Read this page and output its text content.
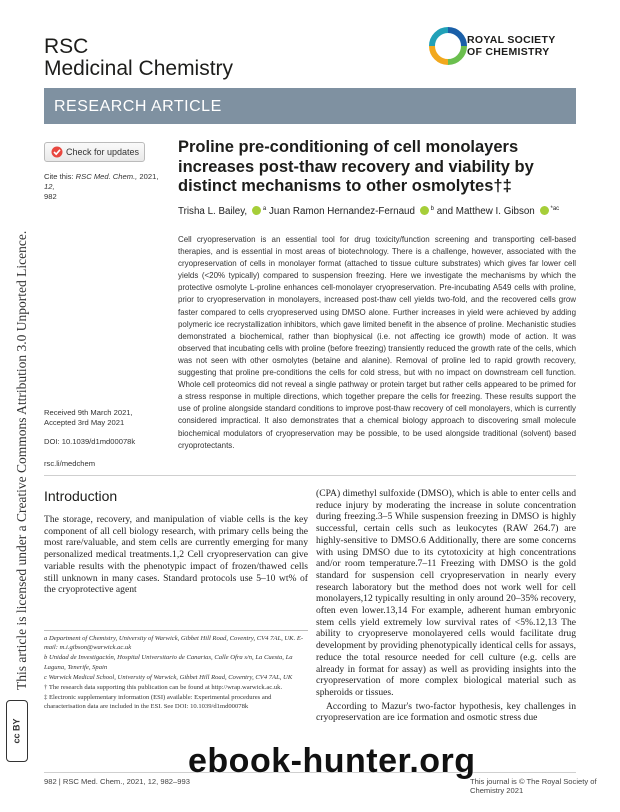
RSC
Medicinal Chemistry
ROYAL SOCIETY
OF CHEMISTRY
RESEARCH ARTICLE
Check for updates
Cite this: RSC Med. Chem., 2021, 12,
982
Received 9th March 2021,
Accepted 3rd May 2021
DOI: 10.1039/d1md00078k
rsc.li/medchem
Proline pre-conditioning of cell monolayers increases post-thaw recovery and viability by distinct mechanisms to other osmolytes†‡
Trisha L. Bailey,	$^a$ Juan Ramon Hernandez-Fernaud	$^b$ and Matthew I. Gibson	$^{*ac}$

Cell cryopreservation is an essential tool for drug toxicity/function screening and transporting cell-based therapies, and is essential in most areas of biotechnology. There is a challenge, however, associated with the cryopreservation of cells in monolayer format (attached to tissue culture substrates) which gives far lower cell yields (<20% typically) compared to suspension freezing. Here we investigate the mechanisms by which the protective osmolyte L-proline enhances cell-monolayer cryopreservation. Pre-incubating A549 cells with proline, prior to cryopreservation in monolayers, increased post-thaw cell yields two-fold, and the recovered cells grow faster compared to cells cryopreserved using DMSO alone. Further increases in yield were achieved by adding polymeric ice recrystallization inhibitors, which gave limited benefit in the absence of proline. Mechanistic studies demonstrated a biochemical, rather than biophysical (i.e. not affecting ice growth) mode of action. It was observed that incubating cells with proline (before freezing) transiently reduced the growth rate of the cells, which was not seen with other osmolytes (betaine and alanine). Removal of proline led to rapid growth recovery, suggesting that proline pre-conditions the cells for cold stress, but with no impact on downstream cell function. Whole cell proteomics did not reveal a single pathway or protein target but rather cells appeared to be primed for a stress response in multiple directions, which together prepare the cells for freezing. These results support the use of proline alongside standard conditions to improve post-thaw recovery of cell monolayers, which is currently considered impractical. It also demonstrates that a chemical biology approach to discovering small molecule biochemical modulators of cryopreservation may be possible, to be used alongside traditional (solvent) based cryoprotectants.

Introduction

The storage, recovery, and manipulation of viable cells is the key component of all cell biology research, with primary cells being the most rare/valuable, and stem cells are currently emerging for many personalized medical treatments.1,2 Cell cryopreservation can give variable results with the phenotypic impact of frozen/thawed cells still unknown in many cases. Standard protocols use 5–10 wt% of the cryoprotective agent

(CPA) dimethyl sulfoxide (DMSO), which is able to enter cells and reduce injury by moderating the increase in solute concentration during freezing.3–5 While suspension freezing in DMSO is highly successful, certain cells such as leukocytes (RAW 264.7) are highly-sensitive to DMSO.6 Additionally, there are some concerns with using DMSO due to its cytotoxicity at high concentrations and/or room temperature.7–11 Freezing with DMSO is the gold standard for suspension cell cryopreservation in nearly every research laboratory but the method does not work well for cell monolayers,12 typically resulting in only around 20–35% recovery, often even lower.13,14 For example, adherent human embryonic stem cells yield extremely low survival rates of <5%.12,13 The ability to cryopreserve monolayered cells would facilitate drug development by providing phenotypically identical cells for assays, reduce the total resource needed for cell culture (e.g. cells are already in format for assay) as well as providing insights into the cryopreservation of more complex biological material such as spheroids or tissues.

According to Mazur's two-factor hypothesis, key challenges in cryopreservation are ice formation and osmotic stress due

a Department of Chemistry, University of Warwick, Gibbet Hill Road, Coventry, CV4 7AL, UK. E-mail: m.i.gibson@warwick.ac.uk

b Unidad de Investigación, Hospital Universitario de Canarias, Calle Ofra s/n, La Cuesta, La Laguna, Tenerife, Spain

c Warwick Medical School, University of Warwick, Gibbet Hill Road, Coventry, CV4 7AL, UK

† The research data supporting this publication can be found at http://wrap.warwick.ac.uk.

‡ Electronic supplementary information (ESI) available: Experimental procedures and characterisation data are included in the ESI. See DOI: 10.1039/d1md00078k

982 | RSC Med. Chem., 2021, 12, 982–993	This journal is © The Royal Society of Chemistry 2021
This article is licensed under a Creative Commons Attribution 3.0 Unported Licence.
cc BY
ebook-hunter.org
